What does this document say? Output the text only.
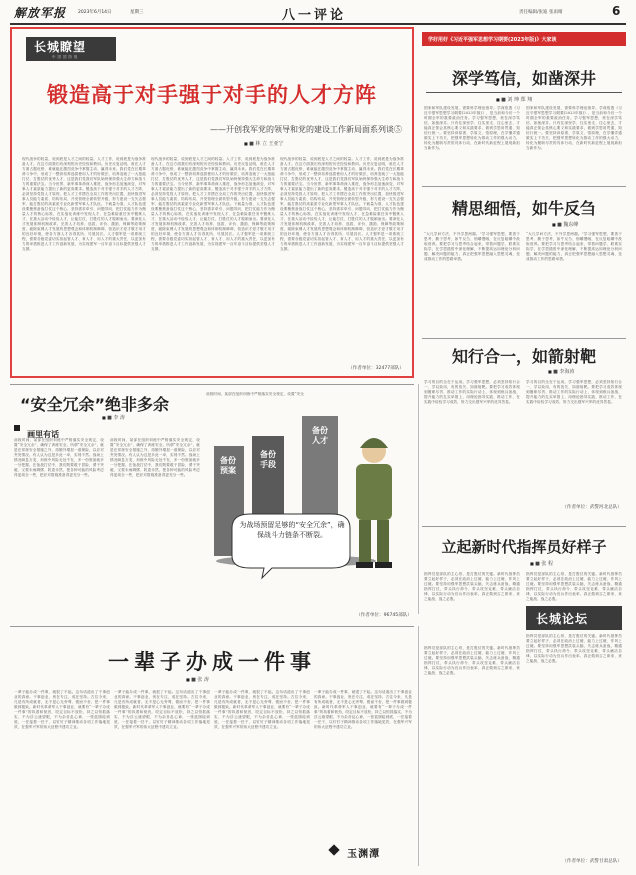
解放军报	2023年6月14日	星期三	八一评论	责任编辑/张迪 张雨晴	6
长城瞭望
中国国防报
锻造高于对手强于对手的人才方阵
——开创我军党的领导和党的建设工作新局面系列谈⑤
■ ■ 林 立 王亚宁
现代战争的较量，说到底是人才之间的较量。人才工作，说到底是为战争准备人才。在这方面我们有深刻的历史经验和教训。历史反复证明，谁在人才方面占据优势，谁就能在激烈竞争中掌握主动、赢得未来。我们党在长期革命斗争中，形成了一整套培养选拔使用人才的好做法，培养造就了一大批能打仗、打胜仗的优秀人才，这是我们党我们军队始终保持强大生命力和战斗力的重要法宝。当今世界，新军事革命深入推进，战争形态加速演变，对军事人才素质能力提出了新的更高要求。锻造高于对手强于对手的人才方阵，必须坚持党管人才原则，把人才工作摆在全局工作的突出位置，加快推进军事人员能力素质、结构布局、开发管理全面转型升级，努力建设一支矢志强军、能打胜仗的高素质专业化新型军事人才队伍。下载量为准，人才队伍建设要聚焦备战打仗这个核心，坚持需求牵引、问题导向，把打仗能力作为衡量人才的核心标准，在实战化训练中发现人才、在急难险重任务中锻炼人才、在重大活动中检验人才，让能打仗、打胜仗的人才脱颖而出。要深化人才发展体制机制改革，完善人才培养、选拔、评价、激励、保障等政策制度，破除束缚人才发展的思想观念和体制机制障碍，营造识才爱才敬才用才的良好环境，使各方面人才各得其所、尽展其长。人才强军是一项系统工程，需要各级党委切实担起管人才、育人才、用人才的重大责任，以更加有力的举措推进人才工作创新发展，为实现建军一百年奋斗目标提供坚强人才支撑。
现代战争的较量，说到底是人才之间的较量。人才工作，说到底是为战争准备人才。在这方面我们有深刻的历史经验和教训。历史反复证明，谁在人才方面占据优势，谁就能在激烈竞争中掌握主动、赢得未来。我们党在长期革命斗争中，形成了一整套培养选拔使用人才的好做法，培养造就了一大批能打仗、打胜仗的优秀人才，这是我们党我们军队始终保持强大生命力和战斗力的重要法宝。当今世界，新军事革命深入推进，战争形态加速演变，对军事人才素质能力提出了新的更高要求。锻造高于对手强于对手的人才方阵，必须坚持党管人才原则，把人才工作摆在全局工作的突出位置，加快推进军事人员能力素质、结构布局、开发管理全面转型升级，努力建设一支矢志强军、能打胜仗的高素质专业化新型军事人才队伍。下载量为准，人才队伍建设要聚焦备战打仗这个核心，坚持需求牵引、问题导向，把打仗能力作为衡量人才的核心标准，在实战化训练中发现人才、在急难险重任务中锻炼人才、在重大活动中检验人才，让能打仗、打胜仗的人才脱颖而出。要深化人才发展体制机制改革，完善人才培养、选拔、评价、激励、保障等政策制度，破除束缚人才发展的思想观念和体制机制障碍，营造识才爱才敬才用才的良好环境，使各方面人才各得其所、尽展其长。人才强军是一项系统工程，需要各级党委切实担起管人才、育人才、用人才的重大责任，以更加有力的举措推进人才工作创新发展，为实现建军一百年奋斗目标提供坚强人才支撑。
现代战争的较量，说到底是人才之间的较量。人才工作，说到底是为战争准备人才。在这方面我们有深刻的历史经验和教训。历史反复证明，谁在人才方面占据优势，谁就能在激烈竞争中掌握主动、赢得未来。我们党在长期革命斗争中，形成了一整套培养选拔使用人才的好做法，培养造就了一大批能打仗、打胜仗的优秀人才，这是我们党我们军队始终保持强大生命力和战斗力的重要法宝。当今世界，新军事革命深入推进，战争形态加速演变，对军事人才素质能力提出了新的更高要求。锻造高于对手强于对手的人才方阵，必须坚持党管人才原则，把人才工作摆在全局工作的突出位置，加快推进军事人员能力素质、结构布局、开发管理全面转型升级，努力建设一支矢志强军、能打胜仗的高素质专业化新型军事人才队伍。下载量为准，人才队伍建设要聚焦备战打仗这个核心，坚持需求牵引、问题导向，把打仗能力作为衡量人才的核心标准，在实战化训练中发现人才、在急难险重任务中锻炼人才、在重大活动中检验人才，让能打仗、打胜仗的人才脱颖而出。要深化人才发展体制机制改革，完善人才培养、选拔、评价、激励、保障等政策制度，破除束缚人才发展的思想观念和体制机制障碍，营造识才爱才敬才用才的良好环境，使各方面人才各得其所、尽展其长。人才强军是一项系统工程，需要各级党委切实担起管人才、育人才、用人才的重大责任，以更加有力的举措推进人才工作创新发展，为实现建军一百年奋斗目标提供坚强人才支撑。
（作者单位：32477部队）
学好用好《习近平强军思想学习纲要(2023年版)》大家谈
深学笃信，如凿深井
■ ■ 刘 坤 郑 翔
国家和军队建设发展，需要科学理论指导。学深悟透《习近平强军思想学习纲要(2023年版)》，是当前和今后一个时期全军的重要政治任务。学习强军思想，贵在深学笃信，如凿深井。只有往深里学、往实里走、往心里去，才能真正领会其核心要义和实践要求，做到学思用贯通、知信行统一。要坚持读原著、学原文、悟原理，在学懂弄通做实上下功夫，把强军思想转化为推动工作的强大动力，转化为履职尽责的具体行动，在新时代新征程上展现新担当新作为。
国家和军队建设发展，需要科学理论指导。学深悟透《习近平强军思想学习纲要(2023年版)》，是当前和今后一个时期全军的重要政治任务。学习强军思想，贵在深学笃信，如凿深井。只有往深里学、往实里走、往心里去，才能真正领会其核心要义和实践要求，做到学思用贯通、知信行统一。要坚持读原著、学原文、悟原理，在学懂弄通做实上下功夫，把强军思想转化为推动工作的强大动力，转化为履职尽责的具体行动，在新时代新征程上展现新担当新作为。
精思细悟，如牛反刍
■ ■ 魏东峰
“大凡学问方法，不外学思两端。”学习强军思想，要善于思考、勤于思考，如牛反刍、细嚼慢咽，在反复咀嚼中汲取营养。要把学习与思考结合起来，带着问题学、联系实际学，在学思践悟中深化理解，不断提高运用理论分析问题、解决问题的能力，真正把强军思想融入思想灵魂，变成推动工作的思路举措。
“大凡学问方法，不外学思两端。”学习强军思想，要善于思考、勤于思考，如牛反刍、细嚼慢咽，在反复咀嚼中汲取营养。要把学习与思考结合起来，带着问题学、联系实际学，在学思践悟中深化理解，不断提高运用理论分析问题、解决问题的能力，真正把强军思想融入思想灵魂，变成推动工作的思路举措。
知行合一，如箭射靶
■ ■ 李海涛
学习的目的全在于运用。学习强军思想，必须坚持知行合一、学以致用，有的放矢、如箭射靶。要把学习成效体现到履职尽责、推动工作的实际行动上，体现到练兵备战、提升能力的扎实举措上，用理论指导实践、推动工作，在实践中检验学习成效，努力交出强军兴军的优异答卷。
学习的目的全在于运用。学习强军思想，必须坚持知行合一、学以致用，有的放矢、如箭射靶。要把学习成效体现到履职尽责、推动工作的实际行动上，体现到练兵备战、提升能力的扎实举措上，用理论指导实践、推动工作，在实践中检验学习成效，努力交出强军兴军的优异答卷。
（作者单位：武警河北总队）
“安全冗余”绝非多余
■ ■ 李 涛
画里有话
前段时间，某部在组织训练中严格落实安全规定，设置“安全冗余”，确保了训练安全。所谓“安全冗余”，就是在常规安全措施之外，再额外增加一道保险，以应对突发情况。有人认为这是多此一举，实则不然。战场上情况瞬息万变，训练中风险无处不在，多一份准备就多一分把握。在备战打仗中，我们既要敢于冒险、勇于突破，又要未雨绸缪、防患未然，把各种可能的风险考虑得更周全一些，把应对措施准备得更充分一些。
前段时间，某部在组织训练中严格落实安全规定，设置“安全冗余”，确保了训练安全。所谓“安全冗余”，就是在常规安全措施之外，再额外增加一道保险，以应对突发情况。有人认为这是多此一举，实则不然。战场上情况瞬息万变，训练中风险无处不在，多一份准备就多一分把握。在备战打仗中，我们既要敢于冒险、勇于突破，又要未雨绸缪、防患未然，把各种可能的风险考虑得更周全一些，把应对措施准备得更充分一些。
前段时间，某部在组织训练中严格落实安全规定，设置“安全
备份预案
备份手段
备份人才
为战场预留足够的“安全冗余”，确保战斗力链条不断裂。
（作者单位：96745部队）
立起新时代指挥员好样子
■ ■ 张 程
指挥员是部队的主心骨，是打胜仗的关键。新时代指挥员要立起好样子，必须在政治上过硬、能力上过硬、作风上过硬。要坚持用强军思想武装头脑，矢志练兵备战，精通指挥打仗，带头执行命令、带头攻坚克难、带头廉洁自律，以实际行动为官兵作出表率，真正做到召之即来、来之能战、战之必胜。
指挥员是部队的主心骨，是打胜仗的关键。新时代指挥员要立起好样子，必须在政治上过硬、能力上过硬、作风上过硬。要坚持用强军思想武装头脑，矢志练兵备战，精通指挥打仗，带头执行命令、带头攻坚克难、带头廉洁自律，以实际行动为官兵作出表率，真正做到召之即来、来之能战、战之必胜。
长城论坛
指挥员是部队的主心骨，是打胜仗的关键。新时代指挥员要立起好样子，必须在政治上过硬、能力上过硬、作风上过硬。要坚持用强军思想武装头脑，矢志练兵备战，精通指挥打仗，带头执行命令、带头攻坚克难、带头廉洁自律，以实际行动为官兵作出表率，真正做到召之即来、来之能战、战之必胜。
指挥员是部队的主心骨，是打胜仗的关键。新时代指挥员要立起好样子，必须在政治上过硬、能力上过硬、作风上过硬。要坚持用强军思想武装头脑，矢志练兵备战，精通指挥打仗，带头执行命令、带头攻坚克难、带头廉洁自律，以实际行动为官兵作出表率，真正做到召之即来、来之能战、战之必胜。
（作者单位：武警甘肃总队）
一辈子办成一件事
■ ■ 张 涛
一辈子能办成一件事，就很了不起。这句话道出了干事创业的真谛。干事创业，贵在专注，成在坚持。古往今来，凡是有所成就者，无不是心无旁骛、锲而不舍，把一件事做到极致。新时代革命军人干事创业，就要有“一辈子办成一件事”的执着和韧劲，咬定目标不放松，持之以恒抓落实，不为浮云遮望眼，不为杂音乱心神，一张蓝图绘到底，一任接着一任干，以钉钉子精神推动各项工作落地见效，在强军兴军的伟大征程中建功立业。
一辈子能办成一件事，就很了不起。这句话道出了干事创业的真谛。干事创业，贵在专注，成在坚持。古往今来，凡是有所成就者，无不是心无旁骛、锲而不舍，把一件事做到极致。新时代革命军人干事创业，就要有“一辈子办成一件事”的执着和韧劲，咬定目标不放松，持之以恒抓落实，不为浮云遮望眼，不为杂音乱心神，一张蓝图绘到底，一任接着一任干，以钉钉子精神推动各项工作落地见效，在强军兴军的伟大征程中建功立业。
一辈子能办成一件事，就很了不起。这句话道出了干事创业的真谛。干事创业，贵在专注，成在坚持。古往今来，凡是有所成就者，无不是心无旁骛、锲而不舍，把一件事做到极致。新时代革命军人干事创业，就要有“一辈子办成一件事”的执着和韧劲，咬定目标不放松，持之以恒抓落实，不为浮云遮望眼，不为杂音乱心神，一张蓝图绘到底，一任接着一任干，以钉钉子精神推动各项工作落地见效，在强军兴军的伟大征程中建功立业。
一辈子能办成一件事，就很了不起。这句话道出了干事创业的真谛。干事创业，贵在专注，成在坚持。古往今来，凡是有所成就者，无不是心无旁骛、锲而不舍，把一件事做到极致。新时代革命军人干事创业，就要有“一辈子办成一件事”的执着和韧劲，咬定目标不放松，持之以恒抓落实，不为浮云遮望眼，不为杂音乱心神，一张蓝图绘到底，一任接着一任干，以钉钉子精神推动各项工作落地见效，在强军兴军的伟大征程中建功立业。
玉渊潭
